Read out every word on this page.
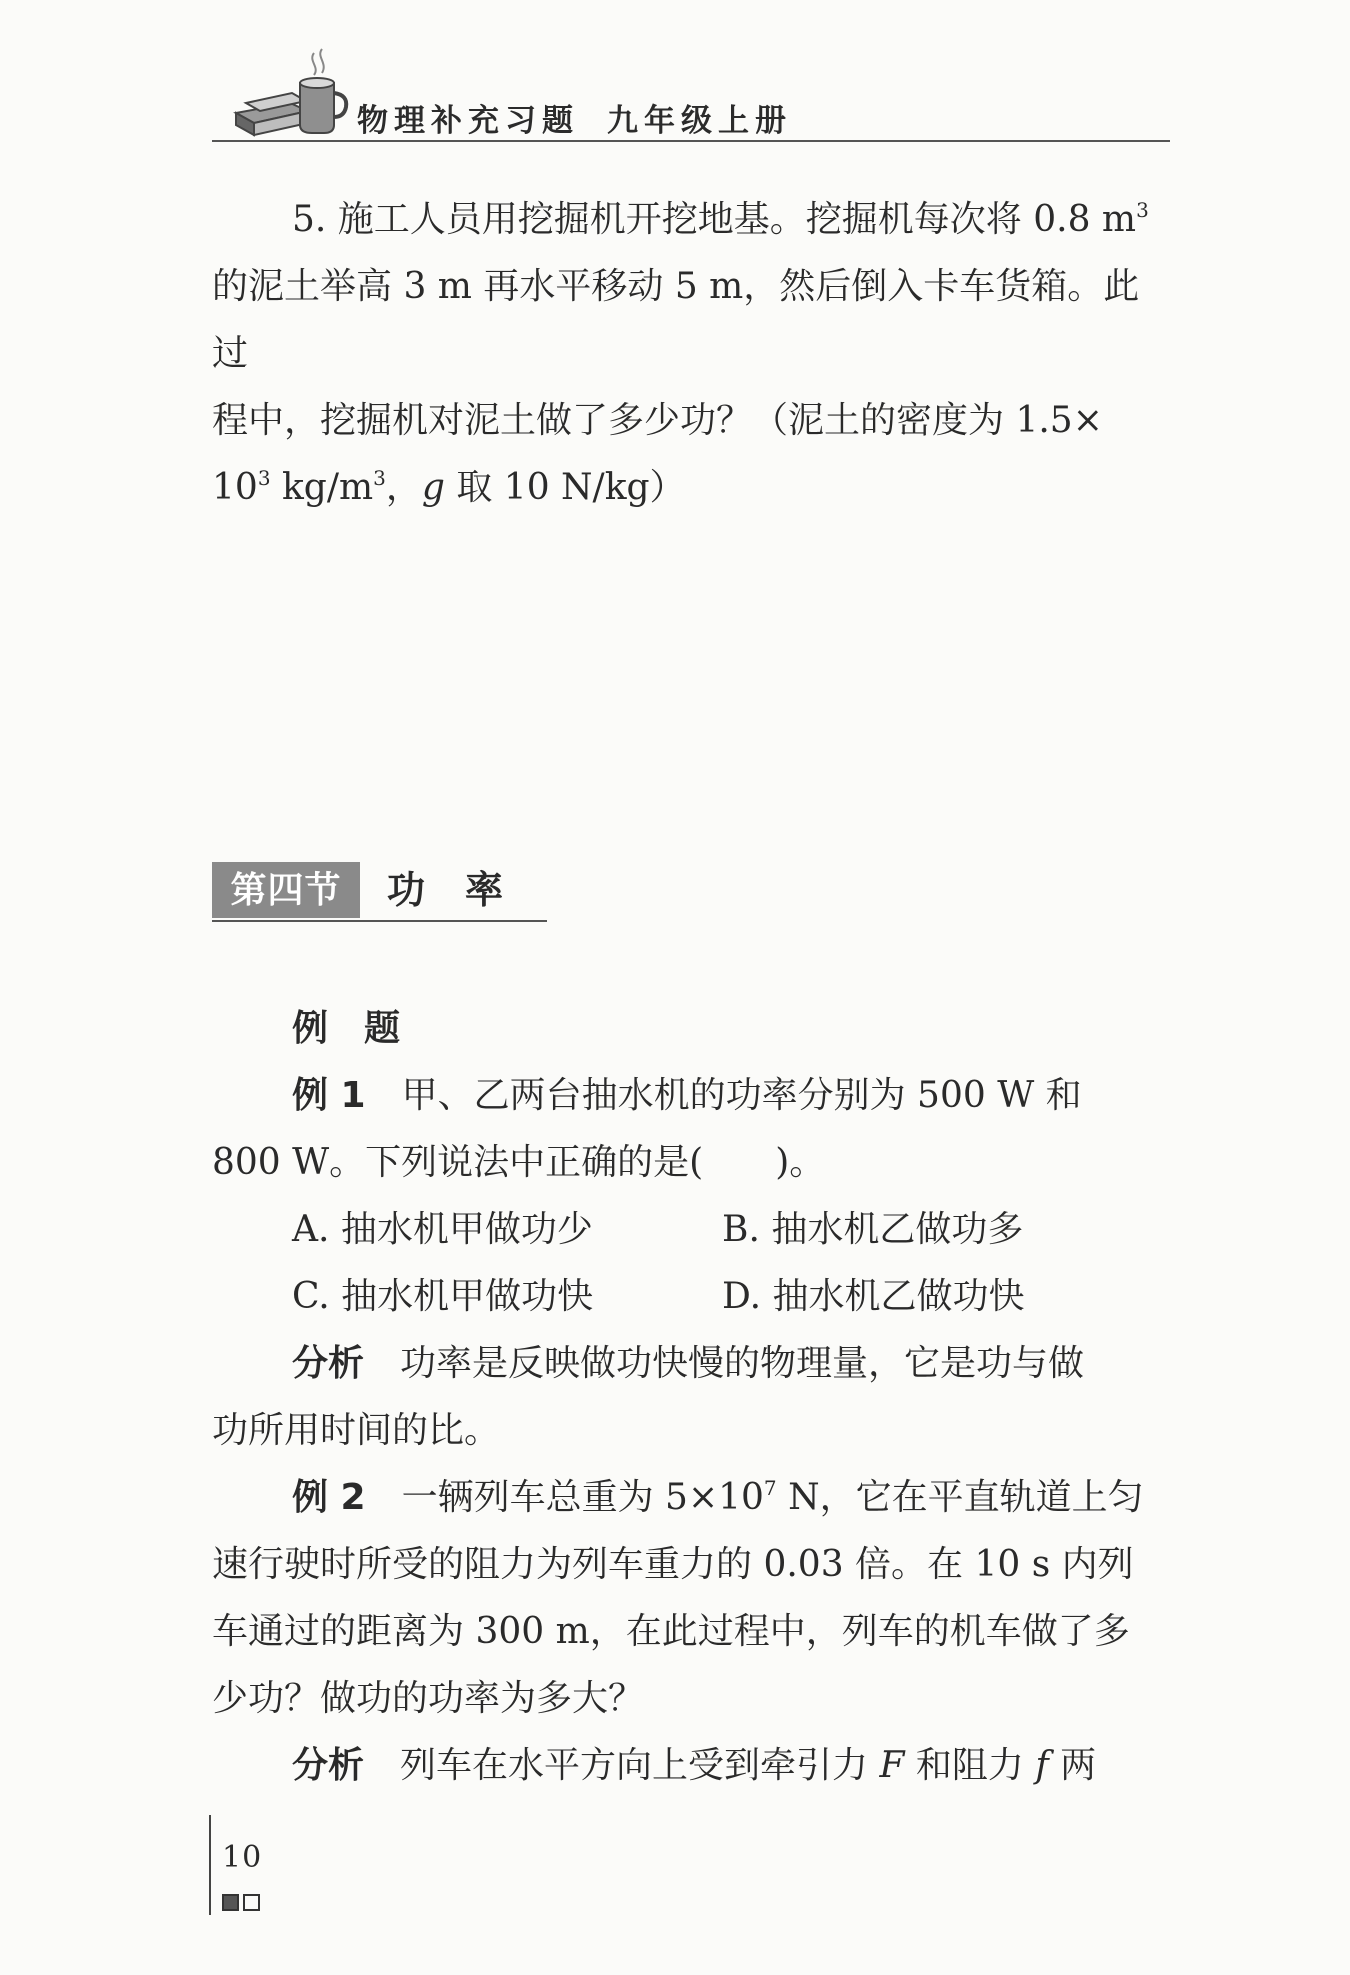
物理补充习题 九年级上册

5. 施工人员用挖掘机开挖地基。挖掘机每次将 0.8 $m^3$

的泥土举高 3 m 再水平移动 5 m，然后倒入卡车货箱。此过

程中，挖掘机对泥土做了多少功？（泥土的密度为 1.5×

$10^3$ $kg/m^3$，g 取 10 N/kg）

第四节	功率

例　题

例 1　甲、乙两台抽水机的功率分别为 500 W 和

800 W。下列说法中正确的是(　　)。

A. 抽水机甲做功少	B. 抽水机乙做功多
C. 抽水机甲做功快	D. 抽水机乙做功快

分析　功率是反映做功快慢的物理量，它是功与做

功所用时间的比。

例 2　一辆列车总重为 $5\times 10^7$ N，它在平直轨道上匀

速行驶时所受的阻力为列车重力的 0.03 倍。在 10 s 内列

车通过的距离为 300 m，在此过程中，列车的机车做了多

少功？做功的功率为多大？

分析　列车在水平方向上受到牵引力 F 和阻力 f 两

10
